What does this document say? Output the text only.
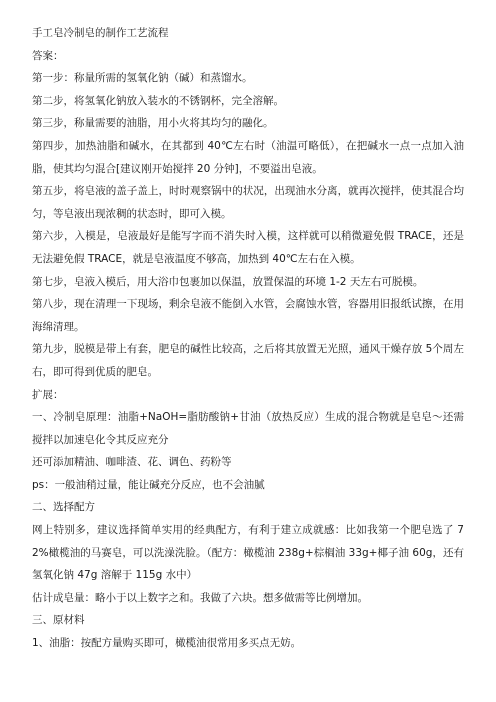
手工皂冷制皂的制作工艺流程

答案：

第一步：称量所需的氢氧化钠（碱）和蒸馏水。

第二步，将氢氧化钠放入装水的不锈钢杯，完全溶解。

第三步，称量需要的油脂，用小火将其均匀的融化。

第四步，加热油脂和碱水，在其都到 40℃左右时（油温可略低），在把碱水一点一点加入油脂，使其均匀混合[建议刚开始搅拌 20 分钟]，不要溢出皂液。

第五步，将皂液的盖子盖上，时时观察锅中的状况，出现油水分离，就再次搅拌，使其混合均匀，等皂液出现浓稠的状态时，即可入模。

第六步，入模是，皂液最好是能写字而不消失时入模，这样就可以稍微避免假 TRACE，还是无法避免假 TRACE，就是皂液温度不够高，加热到 40℃左右在入模。

第七步，皂液入模后，用大浴巾包裹加以保温，放置保温的环境 1-2 天左右可脱模。

第八步，现在清理一下现场，剩余皂液不能倒入水管，会腐蚀水管，容器用旧报纸试擦，在用海绵清理。

第九步，脱模是带上有套，肥皂的碱性比较高，之后将其放置无光照，通风干燥存放 5个周左右，即可得到优质的肥皂。

扩展：

一、冷制皂原理：油脂+NaOH=脂肪酸钠+甘油（放热反应）生成的混合物就是皂皂～还需搅拌以加速皂化令其反应充分

还可添加精油、咖啡渣、花、调色、药粉等

ps：一般油稍过量，能让碱充分反应，也不会油腻

二、选择配方

网上特别多，建议选择简单实用的经典配方，有利于建立成就感：比如我第一个肥皂选了 72%橄榄油的马赛皂，可以洗澡洗脸。（配方：橄榄油 238g+棕榈油 33g+椰子油 60g，还有氢氧化钠 47g 溶解于 115g 水中）

估计成皂量：略小于以上数字之和。我做了六块。想多做需等比例增加。

三、原材料

1、油脂：按配方量购买即可，橄榄油很常用多买点无妨。
